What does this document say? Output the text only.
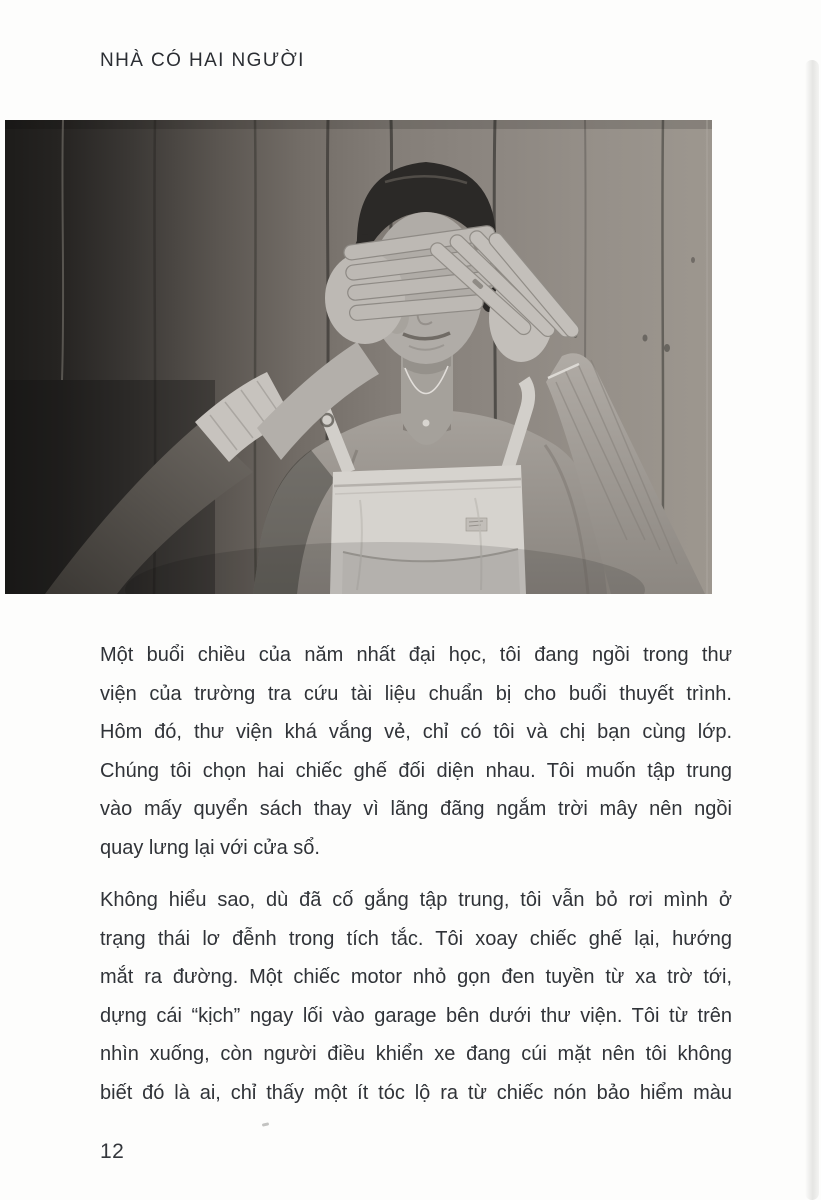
NHÀ CÓ HAI NGƯỜI
Một buổi chiều của năm nhất đại học, tôi đang ngồi trong thư
viện của trường tra cứu tài liệu chuẩn bị cho buổi thuyết trình.
Hôm đó, thư viện khá vắng vẻ, chỉ có tôi và chị bạn cùng lớp.
Chúng tôi chọn hai chiếc ghế đối diện nhau. Tôi muốn tập trung
vào mấy quyển sách thay vì lãng đãng ngắm trời mây nên ngồi
quay lưng lại với cửa sổ.
Không hiểu sao, dù đã cố gắng tập trung, tôi vẫn bỏ rơi mình ở
trạng thái lơ đễnh trong tích tắc. Tôi xoay chiếc ghế lại, hướng
mắt ra đường. Một chiếc motor nhỏ gọn đen tuyền từ xa trờ tới,
dựng cái “kịch” ngay lối vào garage bên dưới thư viện. Tôi từ trên
nhìn xuống, còn người điều khiển xe đang cúi mặt nên tôi không
biết đó là ai, chỉ thấy một ít tóc lộ ra từ chiếc nón bảo hiểm màu
12
